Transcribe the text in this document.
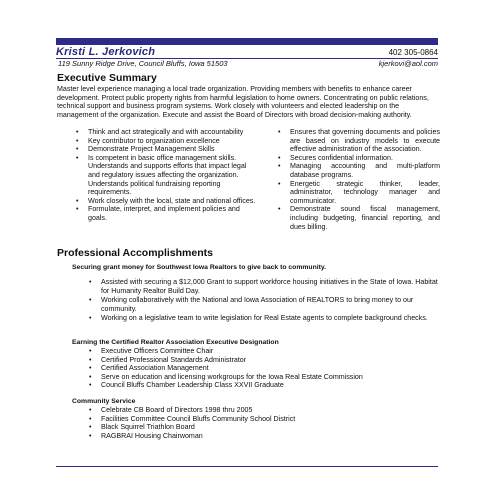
Kristi L. Jerkovich	402 305-0864
119 Sunny Ridge Drive, Council Bluffs, Iowa 51503	kjerkovi@aol.com
Executive Summary

Master level experience managing a local trade organization. Providing members with benefits to enhance career development. Protect public property rights from harmful legislation to home owners. Concentrating on public relations, technical support and business program systems. Work closely with volunteers and elected leadership on the management of the organization. Execute and assist the Board of Directors with broad decision-making authority.

• Think and act strategically and with accountability
• Key contributor to organization excellence
• Demonstrate Project Management Skills
• Is competent in basic office management skills. Understands and supports efforts that impact legal and regulatory issues affecting the organization. Understands political fundraising reporting requirements.
• Work closely with the local, state and national offices.
• Formulate, interpret, and implement policies and goals.
• Ensures that governing documents and policies are based on industry models to execute effective administration of the association.
• Secures confidential information.
• Managing accounting and multi-platform database programs.
• Energetic strategic thinker, leader, administrator, technology manager and communicator.
• Demonstrate sound fiscal management, including budgeting, financial reporting, and dues billing.
Professional Accomplishments
Securing grant money for Southwest Iowa Realtors to give back to community.
• Assisted with securing a $12,000 Grant to support workforce housing initiatives in the State of Iowa. Habitat for Humanity Realtor Build Day.
• Working collaboratively with the National and Iowa Association of REALTORS to bring money to our community.
• Working on a legislative team to write legislation for Real Estate agents to complete background checks.
Earning the Certified Realtor Association Executive Designation
• Executive Officers Committee Chair
• Certified Professional Standards Administrator
• Certified Association Management
• Serve on education and licensing workgroups for the Iowa Real Estate Commission
• Council Bluffs Chamber Leadership Class XXVII Graduate
Community Service
• Celebrate CB Board of Directors 1998 thru 2005
• Facilities Committee Council Bluffs Community School District
• Black Squirrel Triathlon Board
• RAGBRAI Housing Chairwoman
